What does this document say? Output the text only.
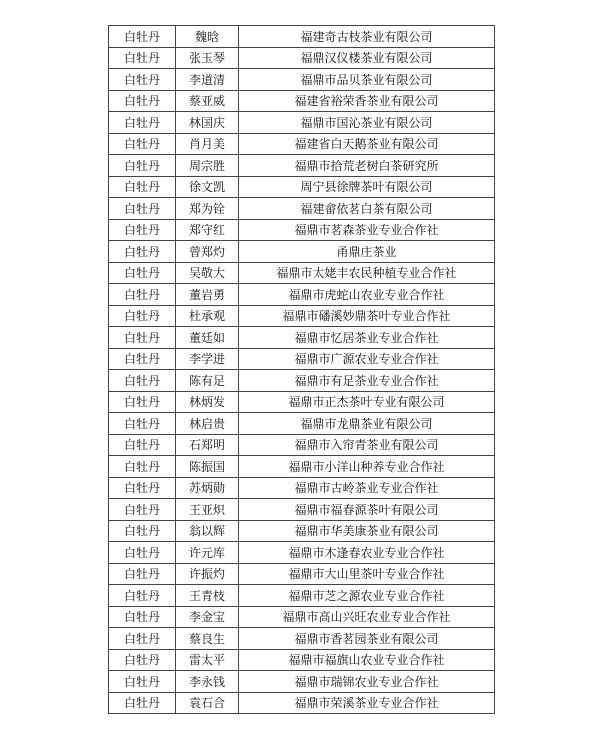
白牡丹	魏晗	福建奇古枝茶业有限公司
白牡丹	张玉琴	福鼎汉仪楼茶业有限公司
白牡丹	李道清	福鼎市品贝茶业有限公司
白牡丹	蔡亚威	福建省裕荣香茶业有限公司
白牡丹	林国庆	福鼎市国沁茶业有限公司
白牡丹	肖月美	福建省白天鹅茶业有限公司
白牡丹	周宗胜	福鼎市拾荒老树白茶研究所
白牡丹	徐文凯	周宁县徐牌茶叶有限公司
白牡丹	郑为铨	福建畲依茗白茶有限公司
白牡丹	郑守红	福鼎市茗森茶业专业合作社
白牡丹	曾郑灼	甬鼎庄茶业
白牡丹	吴敬大	福鼎市太姥丰农民种植专业合作社
白牡丹	董岩勇	福鼎市虎蛇山农业专业合作社
白牡丹	杜承观	福鼎市磻溪妙鼎茶叶专业合作社
白牡丹	董廷如	福鼎市忆居茶业专业合作社
白牡丹	李学进	福鼎市广源农业专业合作社
白牡丹	陈有足	福鼎市有足茶业专业合作社
白牡丹	林炳发	福鼎市正杰茶叶专业有限公司
白牡丹	林启贵	福鼎市龙鼎茶业有限公司
白牡丹	石郑明	福鼎市入帘青茶业有限公司
白牡丹	陈振国	福鼎市小洋山种养专业合作社
白牡丹	苏炳勋	福鼎市古岭茶业专业合作社
白牡丹	王亚炽	福鼎市福春源茶叶有限公司
白牡丹	翁以辉	福鼎市华美康茶业有限公司
白牡丹	许元库	福鼎市木逢春农业专业合作社
白牡丹	许振灼	福鼎市大山里茶叶专业合作社
白牡丹	王青枝	福鼎市芝之源农业专业合作社
白牡丹	李金宝	福鼎市高山兴旺农业专业合作社
白牡丹	蔡良生	福鼎市香茗园茶业有限公司
白牡丹	雷太平	福鼎市福旗山农业专业合作社
白牡丹	李永钱	福鼎市瑞锦农业专业合作社
白牡丹	袁石合	福鼎市荣溪茶业专业合作社
